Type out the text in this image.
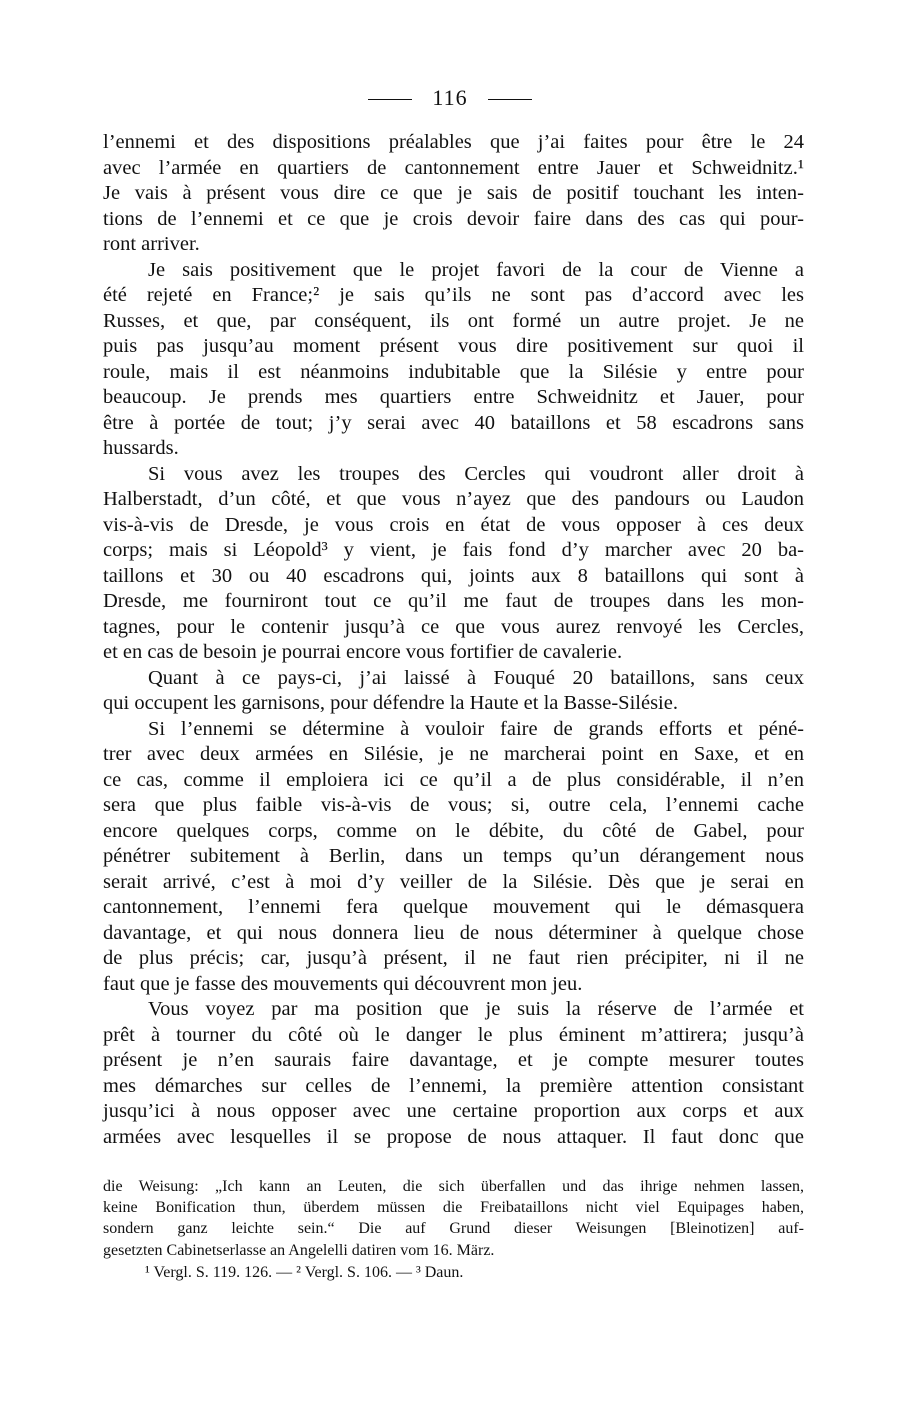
116
l’ennemi et des dispositions préalables que j’ai faites pour être le 24
avec l’armée en quartiers de cantonnement entre Jauer et Schweidnitz.¹
Je vais à présent vous dire ce que je sais de positif touchant les inten-
tions de l’ennemi et ce que je crois devoir faire dans des cas qui pour-
ront arriver.
Je sais positivement que le projet favori de la cour de Vienne a
été rejeté en France;² je sais qu’ils ne sont pas d’accord avec les
Russes, et que, par conséquent, ils ont formé un autre projet. Je ne
puis pas jusqu’au moment présent vous dire positivement sur quoi il
roule, mais il est néanmoins indubitable que la Silésie y entre pour
beaucoup. Je prends mes quartiers entre Schweidnitz et Jauer, pour
être à portée de tout; j’y serai avec 40 bataillons et 58 escadrons sans
hussards.
Si vous avez les troupes des Cercles qui voudront aller droit à
Halberstadt, d’un côté, et que vous n’ayez que des pandours ou Laudon
vis-à-vis de Dresde, je vous crois en état de vous opposer à ces deux
corps; mais si Léopold³ y vient, je fais fond d’y marcher avec 20 ba-
taillons et 30 ou 40 escadrons qui, joints aux 8 bataillons qui sont à
Dresde, me fourniront tout ce qu’il me faut de troupes dans les mon-
tagnes, pour le contenir jusqu’à ce que vous aurez renvoyé les Cercles,
et en cas de besoin je pourrai encore vous fortifier de cavalerie.
Quant à ce pays-ci, j’ai laissé à Fouqué 20 bataillons, sans ceux
qui occupent les garnisons, pour défendre la Haute et la Basse-Silésie.
Si l’ennemi se détermine à vouloir faire de grands efforts et péné-
trer avec deux armées en Silésie, je ne marcherai point en Saxe, et en
ce cas, comme il emploiera ici ce qu’il a de plus considérable, il n’en
sera que plus faible vis-à-vis de vous; si, outre cela, l’ennemi cache
encore quelques corps, comme on le débite, du côté de Gabel, pour
pénétrer subitement à Berlin, dans un temps qu’un dérangement nous
serait arrivé, c’est à moi d’y veiller de la Silésie. Dès que je serai en
cantonnement, l’ennemi fera quelque mouvement qui le démasquera
davantage, et qui nous donnera lieu de nous déterminer à quelque chose
de plus précis; car, jusqu’à présent, il ne faut rien précipiter, ni il ne
faut que je fasse des mouvements qui découvrent mon jeu.
Vous voyez par ma position que je suis la réserve de l’armée et
prêt à tourner du côté où le danger le plus éminent m’attirera; jusqu’à
présent je n’en saurais faire davantage, et je compte mesurer toutes
mes démarches sur celles de l’ennemi, la première attention consistant
jusqu’ici à nous opposer avec une certaine proportion aux corps et aux
armées avec lesquelles il se propose de nous attaquer. Il faut donc que
die Weisung: „Ich kann an Leuten, die sich überfallen und das ihrige nehmen lassen,
keine Bonification thun, überdem müssen die Freibataillons nicht viel Equipages haben,
sondern ganz leichte sein.“ Die auf Grund dieser Weisungen [Bleinotizen] auf-
gesetzten Cabinetserlasse an Angelelli datiren vom 16. März.
¹ Vergl. S. 119. 126. — ² Vergl. S. 106. — ³ Daun.
